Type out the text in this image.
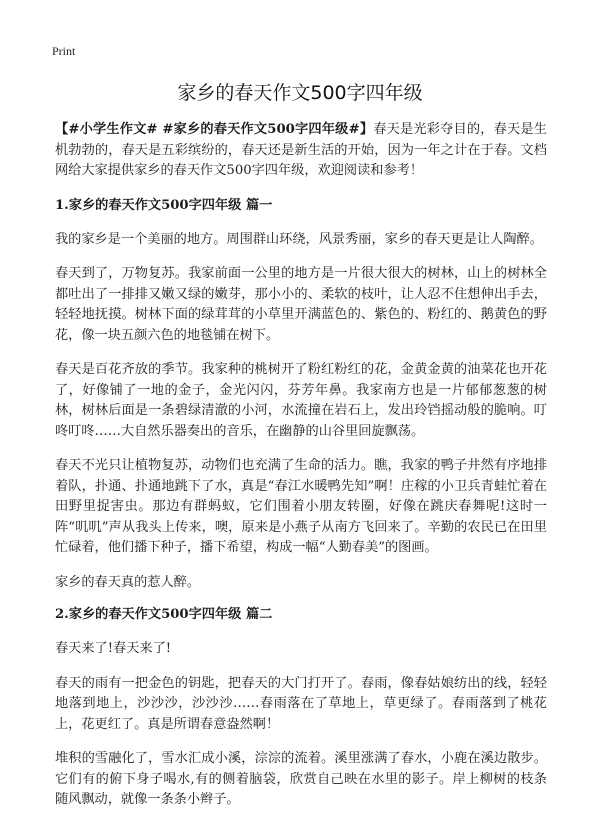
Print
家乡的春天作文500字四年级

【#小学生作文# #家乡的春天作文500字四年级#】春天是光彩夺目的，春天是生机勃勃的，春天是五彩缤纷的，春天还是新生活的开始，因为一年之计在于春。文档网给大家提供家乡的春天作文500字四年级，欢迎阅读和参考！

1.家乡的春天作文500字四年级 篇一

我的家乡是一个美丽的地方。周围群山环绕，风景秀丽，家乡的春天更是让人陶醉。

春天到了，万物复苏。我家前面一公里的地方是一片很大很大的树林，山上的树林全都吐出了一排排又嫩又绿的嫩芽，那小小的、柔软的枝叶，让人忍不住想伸出手去，轻轻地抚摸。树林下面的绿茸茸的小草里开满蓝色的、紫色的、粉红的、鹅黄色的野花，像一块五颜六色的地毯铺在树下。

春天是百花齐放的季节。我家种的桃树开了粉红粉红的花，金黄金黄的油菜花也开花了，好像铺了一地的金子，金光闪闪，芬芳年鼻。我家南方也是一片郁郁葱葱的树林，树林后面是一条碧绿清澈的小河，水流撞在岩石上，发出玲铛摇动般的脆响。叮咚叮咚……大自然乐器奏出的音乐，在幽静的山谷里回旋飘荡。

春天不光只让植物复苏，动物们也充满了生命的活力。瞧，我家的鸭子井然有序地排着队，扑通、扑通地跳下了水，真是“春江水暖鸭先知”啊！庄稼的小卫兵青蛙忙着在田野里捉害虫。那边有群蚂蚁，它们围着小朋友转圈，好像在跳庆春舞呢!这时一阵“叽叽”声从我头上传来，噢，原来是小燕子从南方飞回来了。辛勤的农民已在田里忙碌着，他们播下种子，播下希望，构成一幅“人勤春美”的图画。

家乡的春天真的惹人醉。

2.家乡的春天作文500字四年级 篇二

春天来了!春天来了!

春天的雨有一把金色的钥匙，把春天的大门打开了。春雨，像春姑娘纺出的线，轻轻地落到地上，沙沙沙，沙沙沙……春雨落在了草地上，草更绿了。春雨落到了桃花上，花更红了。真是所谓春意盎然啊！

堆积的雪融化了，雪水汇成小溪，淙淙的流着。溪里涨满了春水，小鹿在溪边散步。它们有的俯下身子喝水,有的侧着脑袋，欣赏自己映在水里的影子。岸上柳树的枝条随风飘动，就像一条条小辫子。
